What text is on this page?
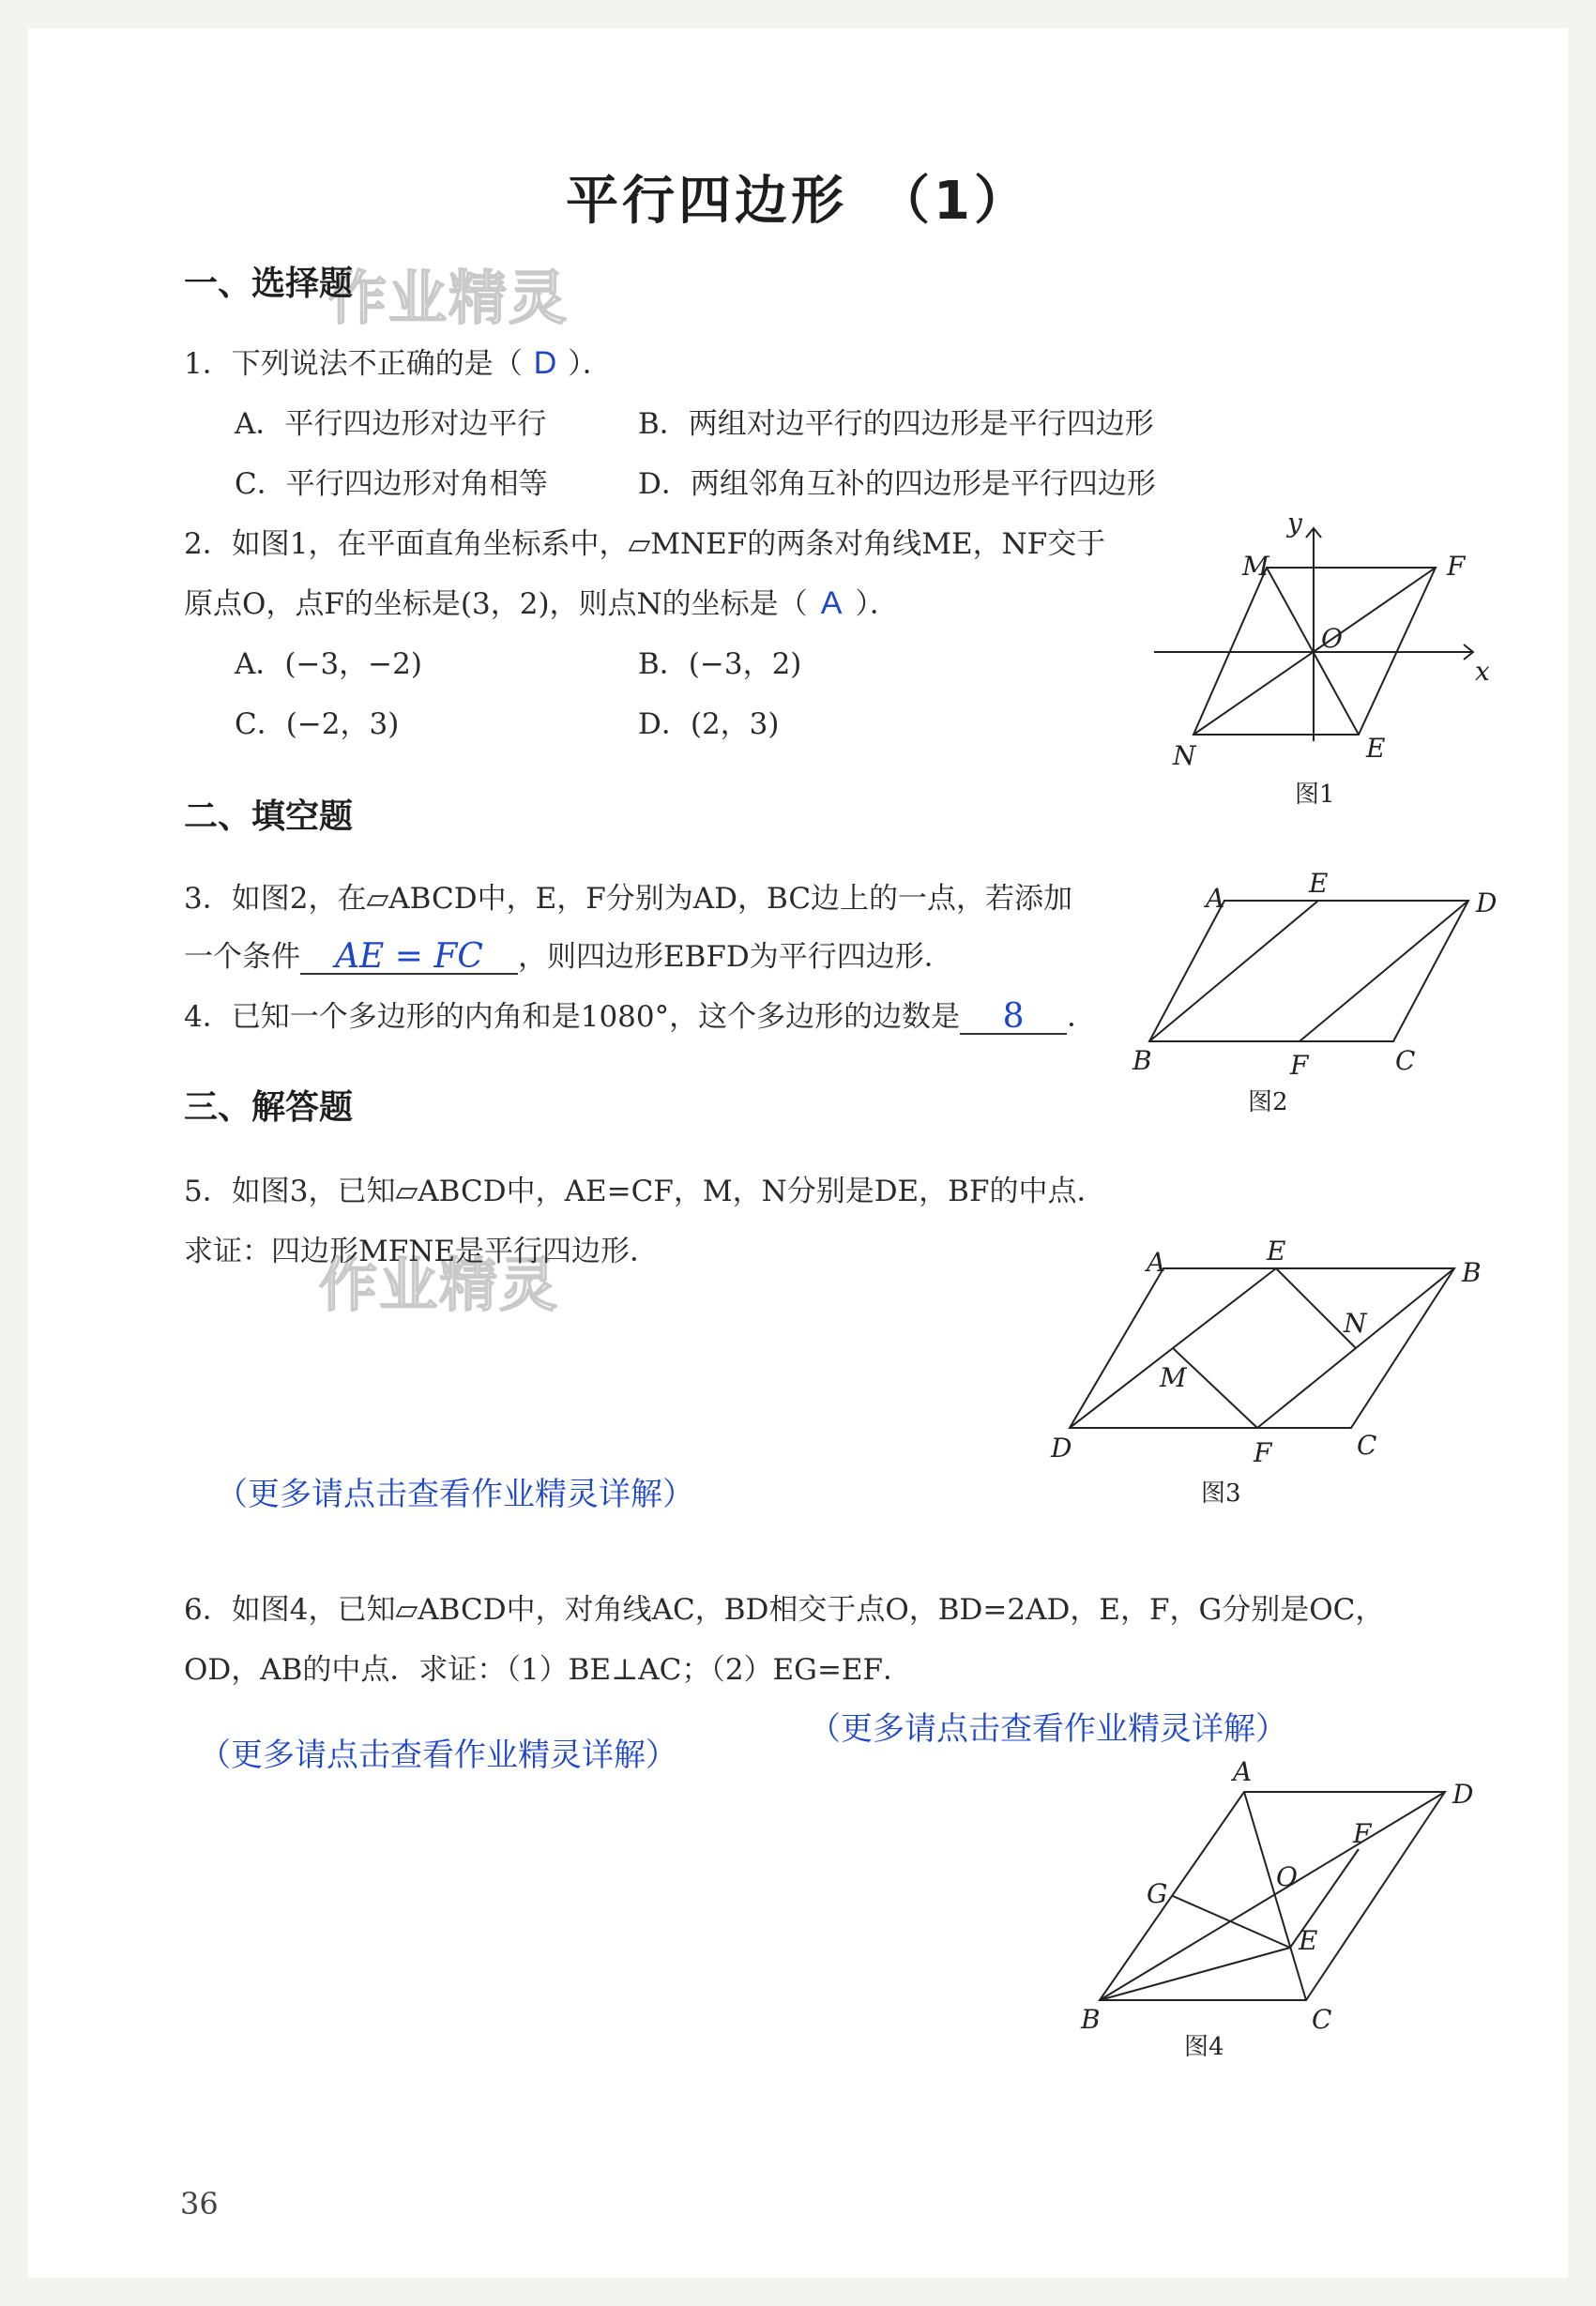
平行四边形　（1）
作业精灵
作业精灵
一、选择题
1．下列说法不正确的是（ D ）．
A．平行四边形对边平行	B．两组对边平行的四边形是平行四边形
C．平行四边形对角相等	D．两组邻角互补的四边形是平行四边形
2．如图1，在平面直角坐标系中，▱MNEF的两条对角线ME，NF交于
原点O，点F的坐标是(3，2)，则点N的坐标是（ A ）．
A．(−3，−2)	B．(−3，2)
C．(−2，3)	D．(2，3)
y
x
M	F
O
N	E
图1
二、填空题
3．如图2，在▱ABCD中，E，F分别为AD，BC边上的一点，若添加
一个条件 AE = FC ，则四边形EBFD为平行四边形．
4．已知一个多边形的内角和是1080°，这个多边形的边数是 8 ．
A	E
D
B	F	C
图2
三、解答题
5．如图3，已知▱ABCD中，AE=CF，M，N分别是DE，BF的中点．
求证：四边形MFNE是平行四边形．
（更多请点击查看作业精灵详解）
A	E
B
N
M
D	F	C
图3
6．如图4，已知▱ABCD中，对角线AC，BD相交于点O，BD=2AD，E，F，G分别是OC，
OD，AB的中点．求证：（1）BE⊥AC；（2）EG=EF．
（更多请点击查看作业精灵详解）
（更多请点击查看作业精灵详解）	A
D
F
G
O
E
B	C
图4
36
